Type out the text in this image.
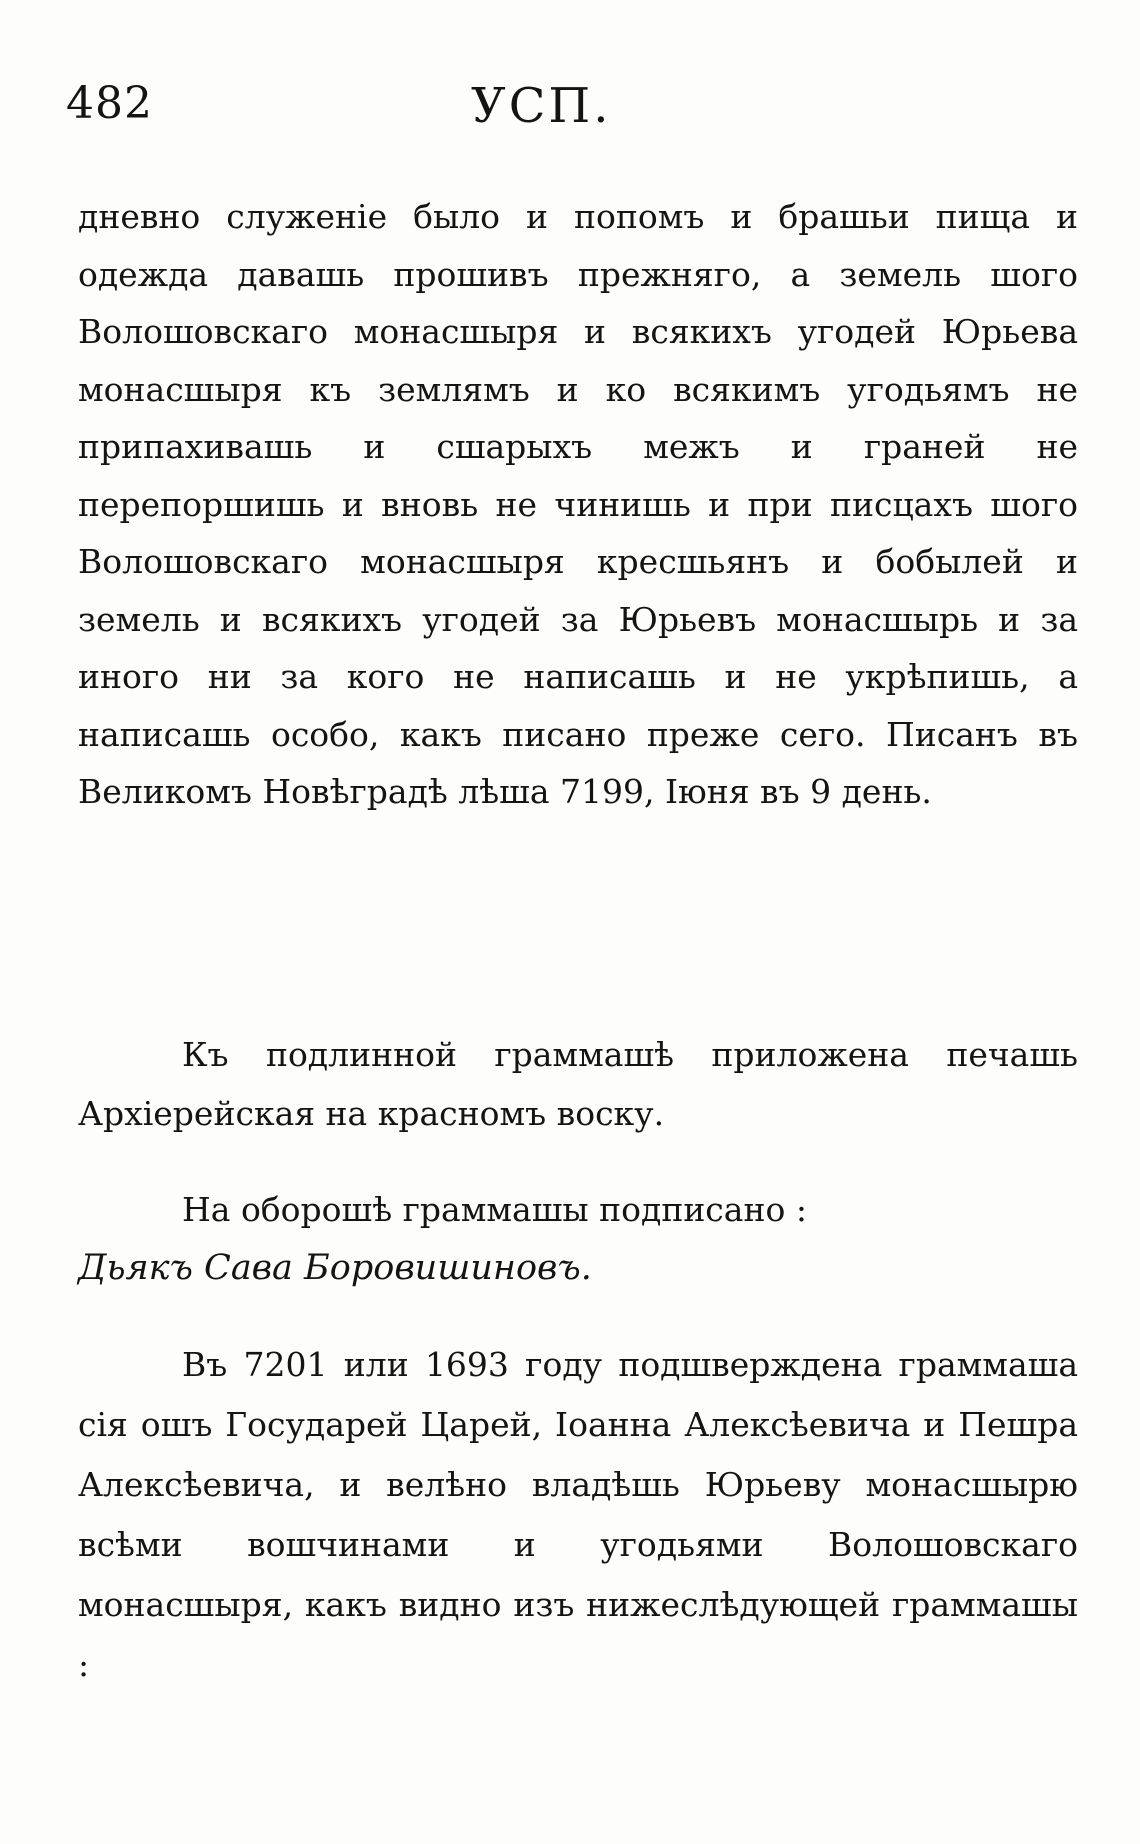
482	УСП.

дневно служеніе было и попомъ и брашьи пища и одежда давашь прошивъ прежняго, а земель шого Волошовскаго монасшыря и всякихъ угодей Юрьева монасшыря къ землямъ и ко всякимъ угодьямъ не припахивашь и сшарыхъ межъ и граней не перепоршишь и вновь не чинишь и при писцахъ шого Волошовскаго монасшыря кресшьянъ и бобылей и земель и всякихъ угодей за Юрьевъ монасшырь и за иного ни за кого не написашь и не укрѣпишь, а написашь особо, какъ писано преже сего. Писанъ въ Великомъ Новѣградѣ лѣша 7199, Іюня въ 9 день.

Къ подлинной граммашѣ приложена печашь Архіерейская на красномъ воску.

На оборошѣ граммашы подписано :
Дьякъ Сава Боровишиновъ.

Въ 7201 или 1693 году подшверждена граммаша сія ошъ Государей Царей, Іоанна Алексѣевича и Пешра Алексѣевича, и велѣно владѣшь Юрьеву монасшырю всѣми вошчинами и угодьями Волошовскаго монасшыря, какъ видно изъ нижеслѣдующей граммашы :
